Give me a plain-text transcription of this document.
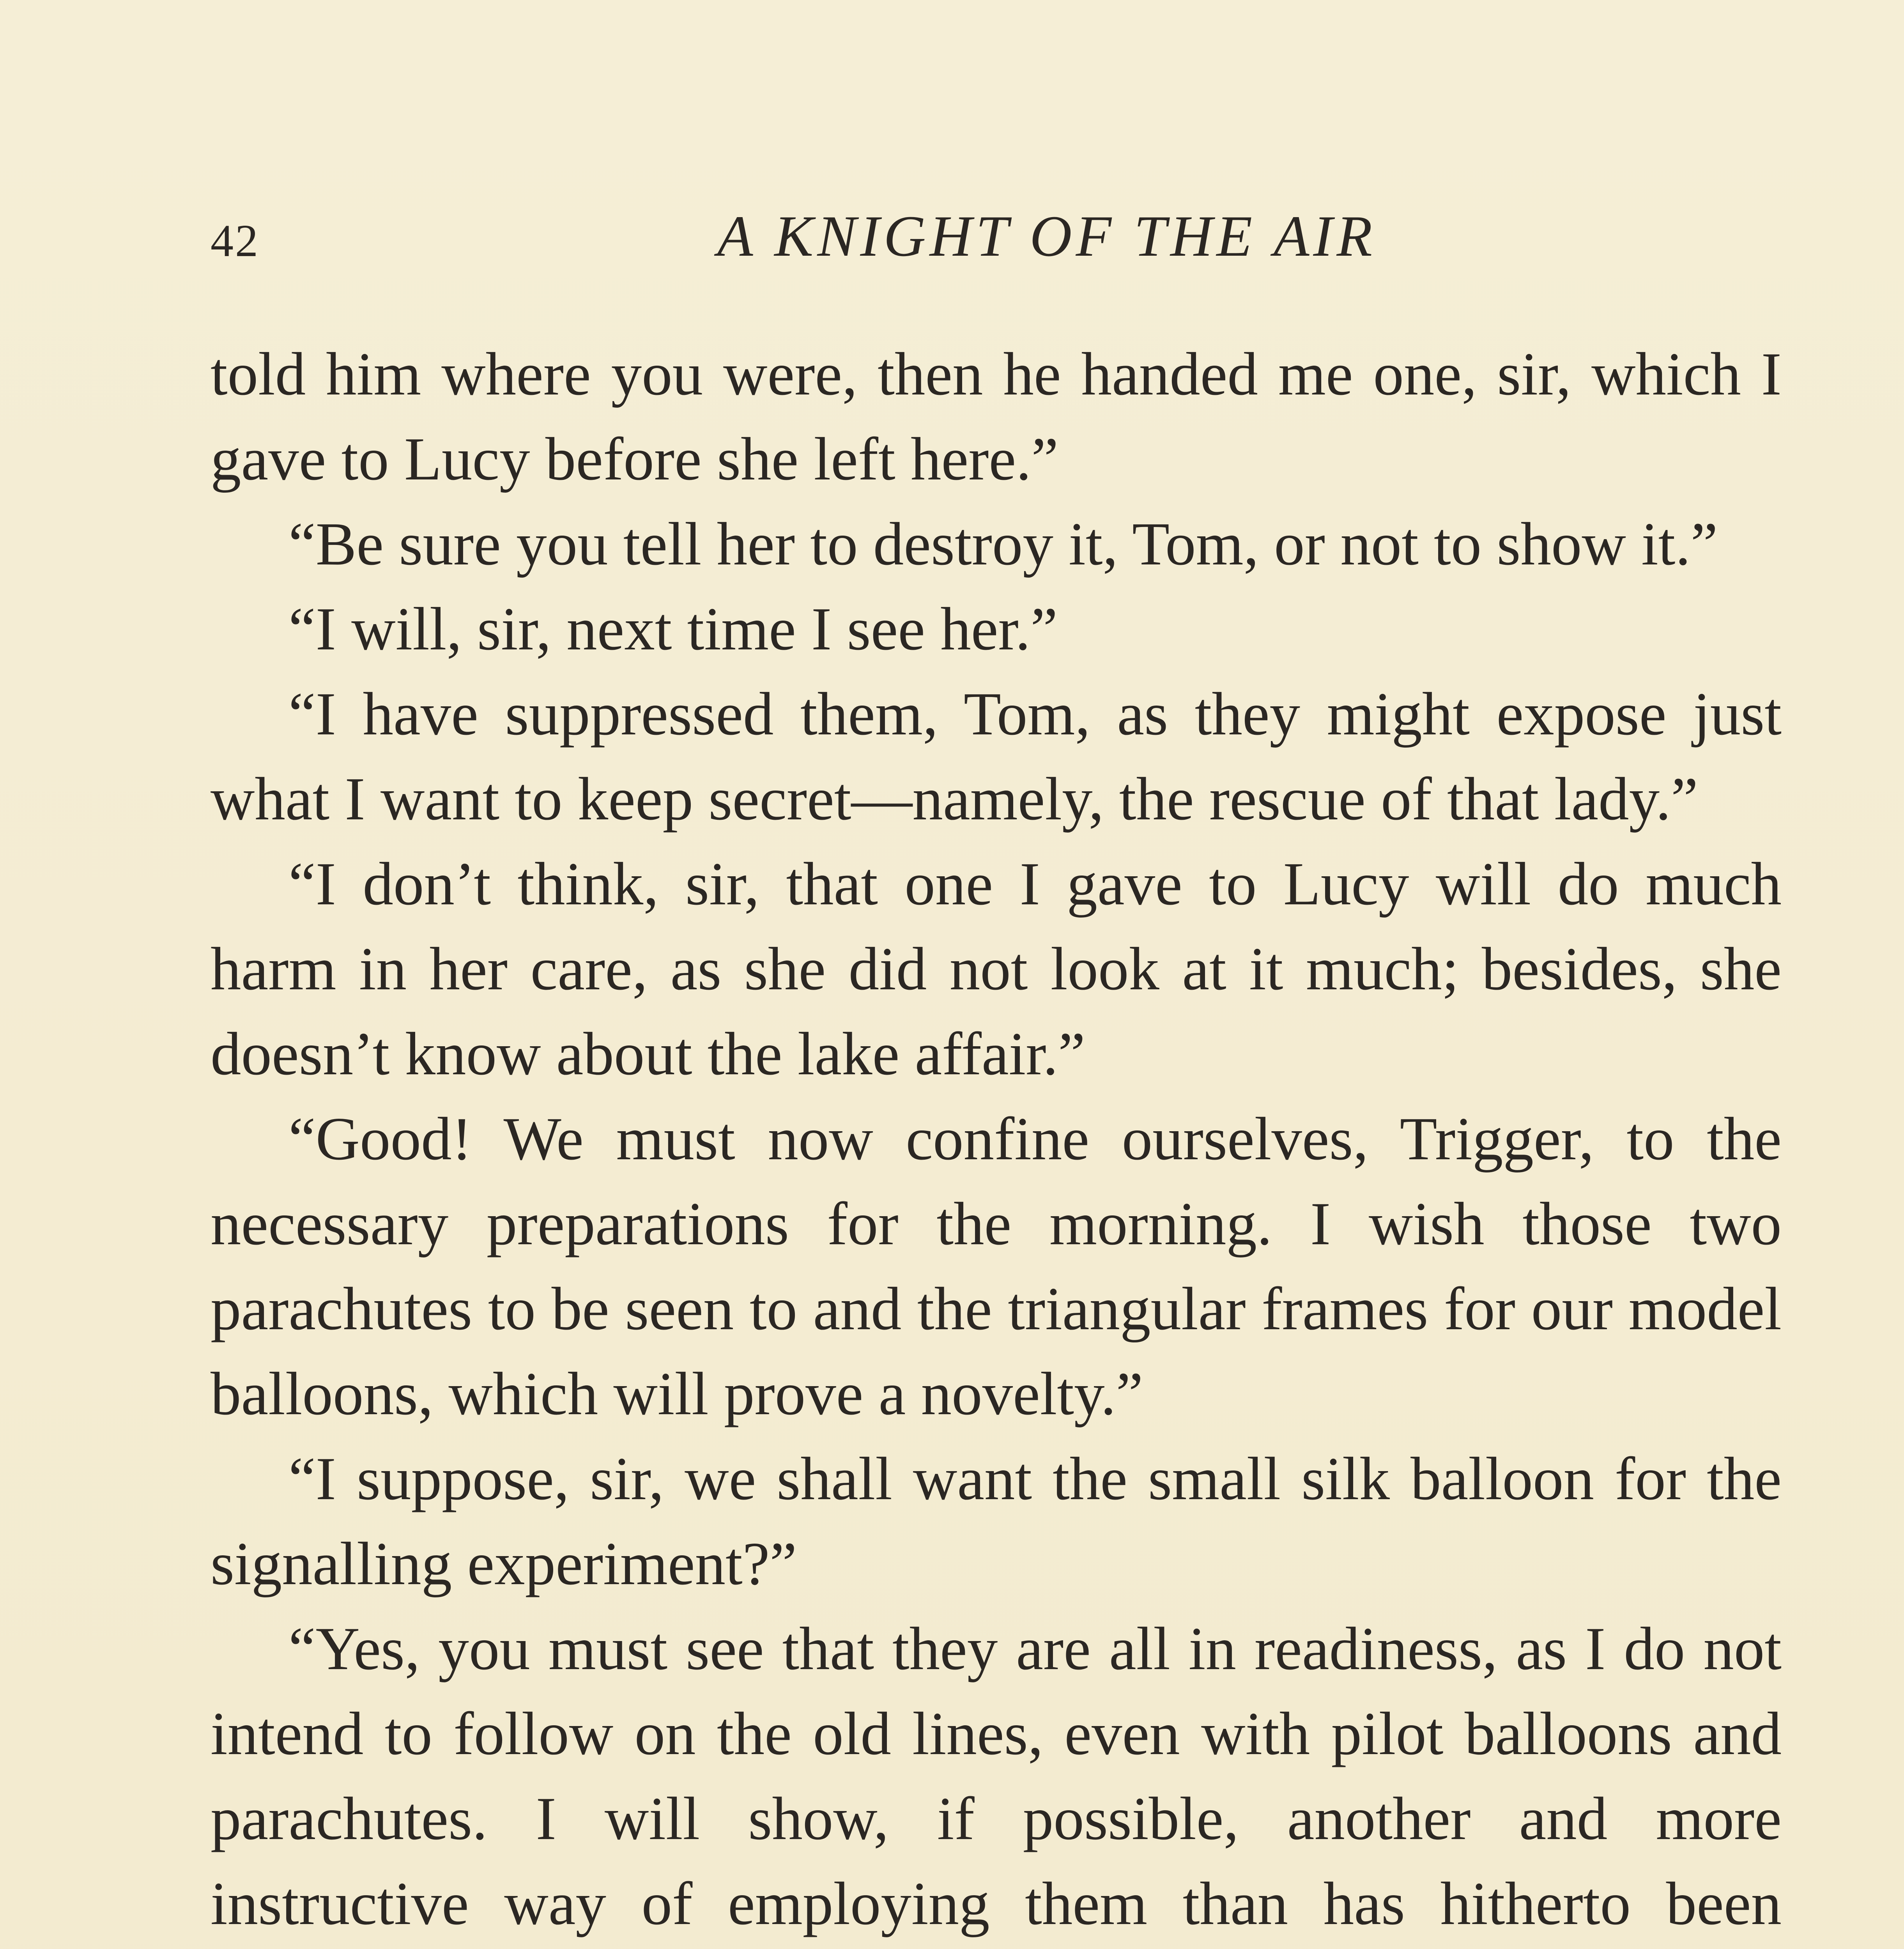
42	A KNIGHT OF THE AIR

told him where you were, then he handed me one, sir, which I gave to Lucy before she left here.”

“Be sure you tell her to destroy it, Tom, or not to show it.”

“I will, sir, next time I see her.”

“I have suppressed them, Tom, as they might expose just what I want to keep secret—namely, the rescue of that lady.”

“I don’t think, sir, that one I gave to Lucy will do much harm in her care, as she did not look at it much; besides, she doesn’t know about the lake affair.”

“Good! We must now confine ourselves, Trigger, to the necessary preparations for the morning. I wish those two parachutes to be seen to and the triangular frames for our model balloons, which will prove a novelty.”

“I suppose, sir, we shall want the small silk balloon for the signalling experiment?”

“Yes, you must see that they are all in readiness, as I do not intend to follow on the old lines, even with pilot balloons and parachutes. I will show, if possible, another and more instructive way of employing them than has hitherto been
